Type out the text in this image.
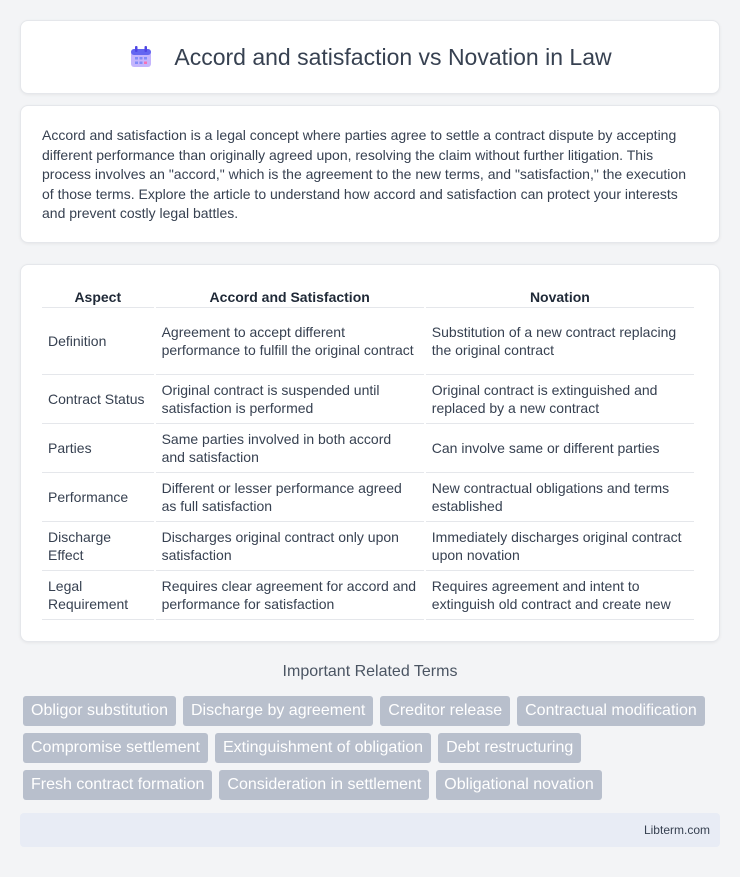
Accord and satisfaction vs Novation in Law

Accord and satisfaction is a legal concept where parties agree to settle a contract dispute by accepting different performance than originally agreed upon, resolving the claim without further litigation. This process involves an "accord," which is the agreement to the new terms, and "satisfaction," the execution of those terms. Explore the article to understand how accord and satisfaction can protect your interests and prevent costly legal battles.

Aspect	Accord and Satisfaction	Novation
Definition	Agreement to accept different performance to fulfill the original contract	Substitution of a new contract replacing the original contract
Contract Status	Original contract is suspended until satisfaction is performed	Original contract is extinguished and replaced by a new contract
Parties	Same parties involved in both accord and satisfaction	Can involve same or different parties
Performance	Different or lesser performance agreed as full satisfaction	New contractual obligations and terms established
Discharge Effect	Discharges original contract only upon satisfaction	Immediately discharges original contract upon novation
Legal Requirement	Requires clear agreement for accord and performance for satisfaction	Requires agreement and intent to extinguish old contract and create new
Important Related Terms
Obligor substitution	Discharge by agreement	Creditor release	Contractual modification
Compromise settlement	Extinguishment of obligation	Debt restructuring
Fresh contract formation	Consideration in settlement	Obligational novation
Libterm.com
